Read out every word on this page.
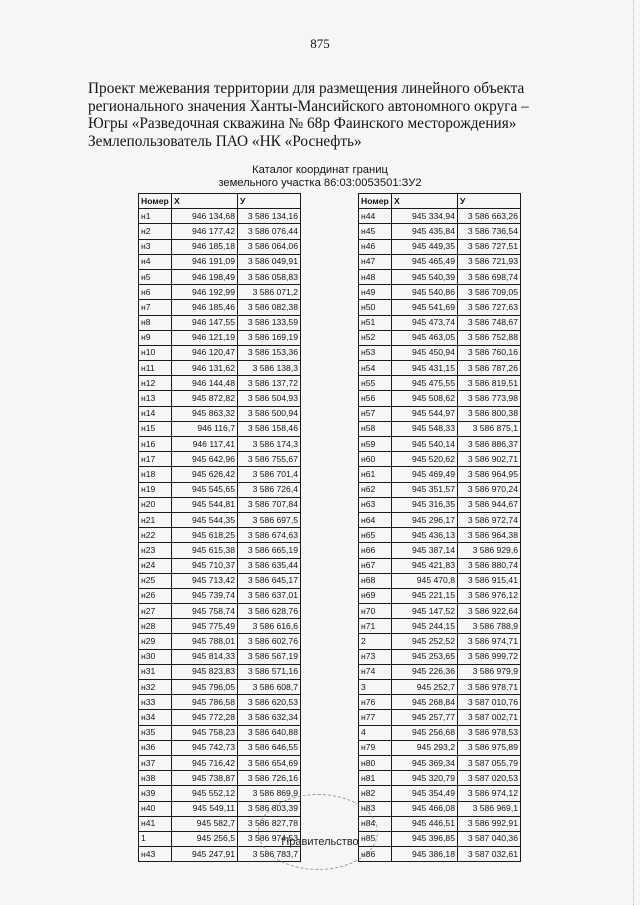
875
Проект межевания территории для размещения линейного объекта
регионального значения Ханты-Мансийского автономного округа –
Югры «Разведочная скважина № 68р Фаинского месторождения»
Землепользователь ПАО «НК «Роснефть»
Каталог координат границ
земельного участка 86:03:0053501:ЗУ2
Номер	X	У
н1	946 134,68	3 586 134,16
н2	946 177,42	3 586 076,44
н3	946 185,18	3 586 064,06
н4	946 191,09	3 586 049,91
н5	946 198,49	3 586 058,83
н6	946 192,99	3 586 071,2
н7	946 185,46	3 586 082,38
н8	946 147,55	3 586 133,59
н9	946 121,19	3 586 169,19
н10	946 120,47	3 586 153,36
н11	946 131,62	3 586 138,3
н12	946 144,48	3 586 137,72
н13	945 872,82	3 586 504,93
н14	945 863,32	3 586 500,94
н15	946 116,7	3 586 158,46
н16	946 117,41	3 586 174,3
н17	945 642,96	3 586 755,67
н18	945 626,42	3 586 701,4
н19	945 545,65	3 586 726,4
н20	945 544,81	3 586 707,84
н21	945 544,35	3 586 697,5
н22	945 618,25	3 586 674,63
н23	945 615,38	3 586 665,19
н24	945 710,37	3 586 635,44
н25	945 713,42	3 586 645,17
н26	945 739,74	3 586 637,01
н27	945 758,74	3 586 628,76
н28	945 775,49	3 586 616,6
н29	945 788,01	3 586 602,76
н30	945 814,33	3 586 567,19
н31	945 823,83	3 586 571,16
н32	945 796,05	3 586 608,7
н33	945 786,58	3 586 620,53
н34	945 772,28	3 586 632,34
н35	945 758,23	3 586 640,88
н36	945 742,73	3 586 646,55
н37	945 716,42	3 586 654,69
н38	945 738,87	3 586 726,16
н39	945 552,12	3 586 869,9
н40	945 549,11	3 586 803,39
н41	945 582,7	3 586 827,78
1	945 256,5	3 586 974,53
н43	945 247,91	3 586 783,7
Номер	X	У
н44	945 334,94	3 586 663,26
н45	945 435,84	3 586 736,54
н46	945 449,35	3 586 727,51
н47	945 465,49	3 586 721,93
н48	945 540,39	3 586 698,74
н49	945 540,86	3 586 709,05
н50	945 541,69	3 586 727,63
н51	945 473,74	3 586 748,67
н52	945 463,05	3 586 752,88
н53	945 450,94	3 586 760,16
н54	945 431,15	3 586 787,26
н55	945 475,55	3 586 819,51
н56	945 508,62	3 586 773,98
н57	945 544,97	3 586 800,38
н58	945 548,33	3 586 875,1
н59	945 540,14	3 586 886,37
н60	945 520,62	3 586 902,71
н61	945 469,49	3 586 964,95
н62	945 351,57	3 586 970,24
н63	945 316,35	3 586 944,67
н64	945 296,17	3 586 972,74
н65	945 436,13	3 586 964,38
н66	945 387,14	3 586 929,6
н67	945 421,83	3 586 880,74
н68	945 470,8	3 586 915,41
н69	945 221,15	3 586 976,12
н70	945 147,52	3 586 922,64
н71	945 244,15	3 586 788,9
2	945 252,52	3 586 974,71
н73	945 253,65	3 586 999,72
н74	945 226,36	3 586 979,9
3	945 252,7	3 586 978,71
н76	945 268,84	3 587 010,76
н77	945 257,77	3 587 002,71
4	945 256,68	3 586 978,53
н79	945 293,2	3 586 975,89
н80	945 369,34	3 587 055,79
н81	945 320,79	3 587 020,53
н82	945 354,49	3 586 974,12
н83	945 466,08	3 586 969,1
н84	945 446,51	3 586 992,91
н85	945 396,85	3 587 040,36
н86	945 386,18	3 587 032,61
Правительство
